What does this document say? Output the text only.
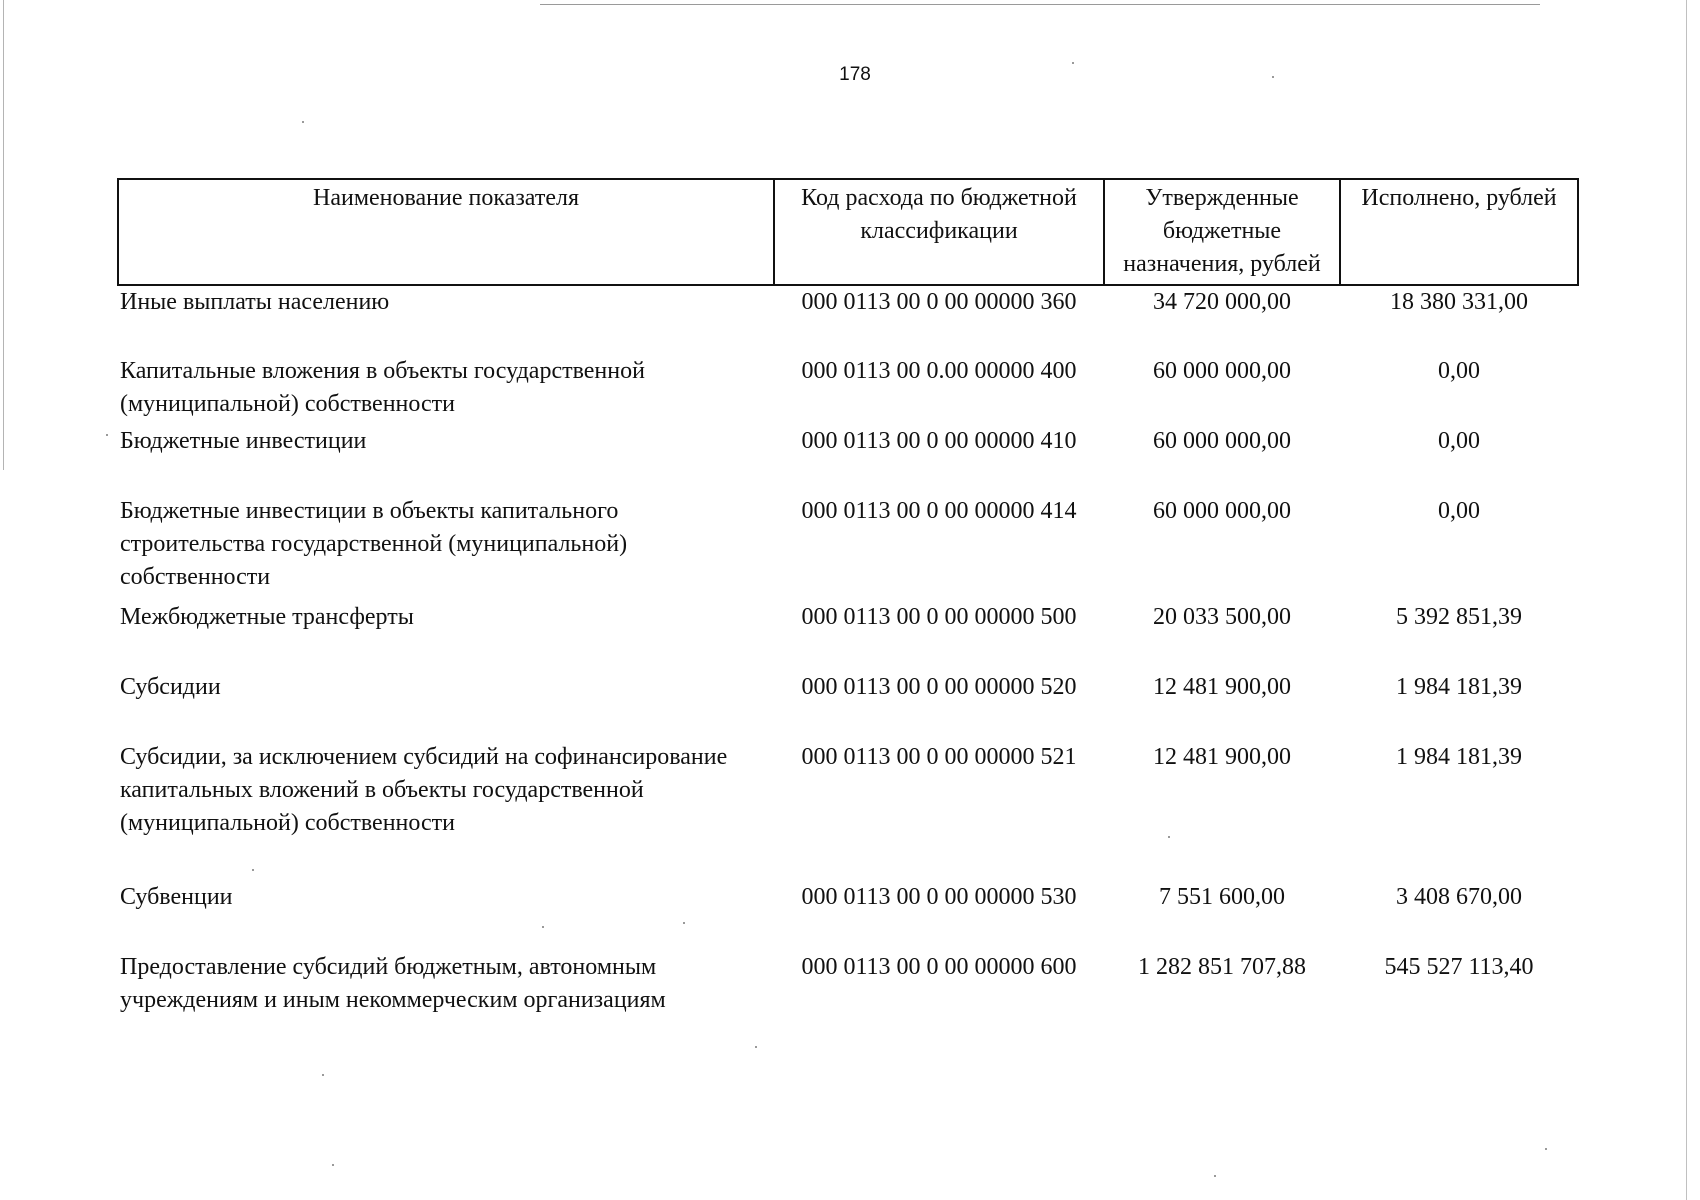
178
Наименование показателя	Код расхода по бюджетной классификации	Утвержденные бюджетные назначения, рублей	Исполнено, рублей
Иные выплаты населению	000 0113 00 0 00 00000 360	34 720 000,00	18 380 331,00
Капитальные вложения в объекты государственной (муниципальной) собственности	000 0113 00 0.00 00000 400	60 000 000,00	0,00
Бюджетные инвестиции	000 0113 00 0 00 00000 410	60 000 000,00	0,00
Бюджетные инвестиции в объекты капитального строительства государственной (муниципальной) собственности	000 0113 00 0 00 00000 414	60 000 000,00	0,00
Межбюджетные трансферты	000 0113 00 0 00 00000 500	20 033 500,00	5 392 851,39
Субсидии	000 0113 00 0 00 00000 520	12 481 900,00	1 984 181,39
Субсидии, за исключением субсидий на софинансирование капитальных вложений в объекты государственной (муниципальной) собственности	000 0113 00 0 00 00000 521	12 481 900,00	1 984 181,39
Субвенции	000 0113 00 0 00 00000 530	7 551 600,00	3 408 670,00
Предоставление субсидий бюджетным, автономным учреждениям и иным некоммерческим организациям	000 0113 00 0 00 00000 600	1 282 851 707,88	545 527 113,40
